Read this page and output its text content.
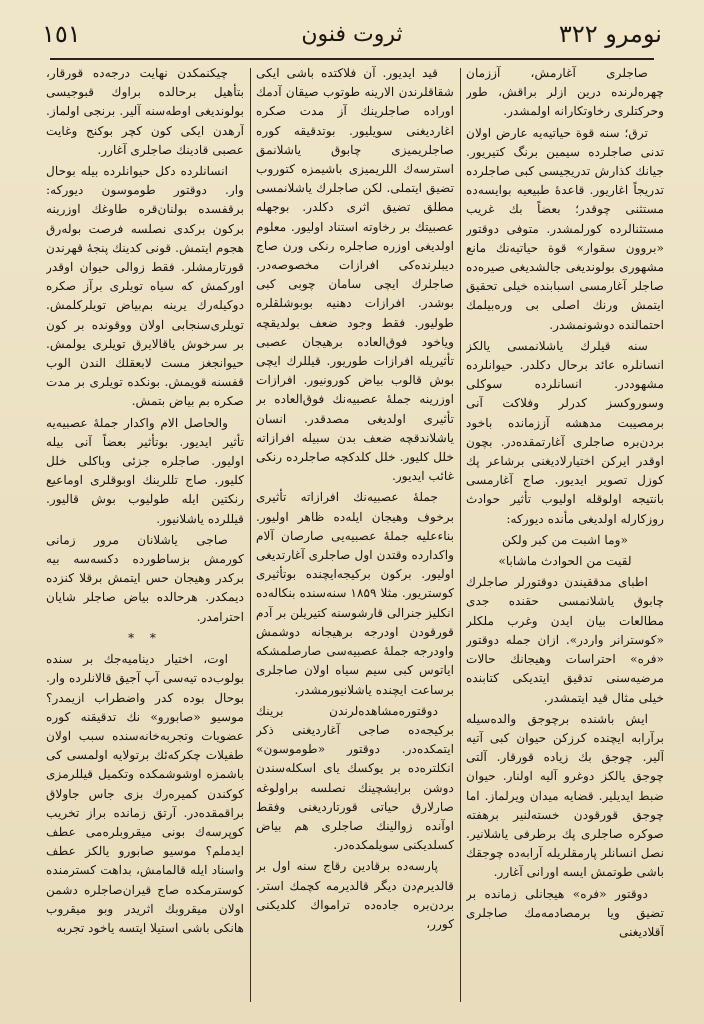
نومرو ٣٢٢
ثروت فنون
١٥١

صاجلری آغارمش، آززمان چهره‌لرنده درین ازلر براقش، طور وحرکتلری رخاوتکارانه اولمشدر.

ترق؛ سنه قوة حیاتیه‌یه عارض اولان تدنی صاجلرده سیمین برنگ کتیریور. جیانك کذارش تدریجیسی کبی صاجلرده تدریجاً اغاریور. قاعدهٔ طبیعیه بوایسه‌ده مستثنی چوقدر؛ بعضاً بك غریب مستثنالرده کورلمشدر. متوفی دوقتور «بروون سقوار» قوة حیاتیه‌نك مانع مشهوری بولوندیغی جالشدیغی صیره‌ده صاجلر آغارمسی اسبابنده خیلی تحقیق ایتمش ورنك اصلی بی وره‌بیلمك احتمالنده دوشونمشدر.

سنه قیلرك یاشلانمسی یالکز انسانلره عائد برحال دکلدر. حیوانلرده مشهوددر. انسانلرده سوکلی وسوروکسز کدرلر وفلاکت آنی برمصیبت مدهشه آززمانده باخود بردن‌بره صاجلری آغارتمقده‌در. بچون اوقدر ایرکن اختیارلادیغنی برشاعر پك کوزل تصویر ایدیور. صاج آغارمسی بانتیجه اولوقله اولیوب تأثیر حوادث روزکارله اولدیغی مأنده دیورکه:

«وما اشبت من کبر ولکن

لقیت من الحوادث ماشابا»

اطبای مدققیندن دوقتورلر صاجلرك چابوق یاشلانمسی حقنده جدی مطالعات بیان ایدن وغرب ملکلر «کوسترانر واردر». ازان جمله دوقتور «فره» احتراسات وهیجانك حالات مرضیه‌سنی تدقیق ایتدیکی کتابنده خیلی مثال قید ایتمشدر.

ایش باشنده برچوجق والده‌سیله برآرابه ایچنده کرزکن حیوان کبی آتیه آلیر. چوجق بك زیاده قورقار. آلتی چوجق یالکز دوغرو آلیه اولنار. حیوان ضبط ایدیلیر. قضایه میدان ویرلماز. اما چوجق قورقودن خسته‌لنیر برهفته صوکره صاجلری پك برطرفی یاشلانیر. نصل انسانلر پارمقلریله آرابه‌ده چوجقك باشی طوتمش ایسه اورانی آغارر.

دوقتور «فره» هیجانلی زمانده بر تضیق ویا برمصادمه‌مك صاجلری آقلادیغنی

چیکنمکدن نهایت درجه‌ده قورقار، بتأهیل برحالده براوك قبوجیسی بولوندیغی اوطه‌سنه آلیر. برنجی اولماز. آرهدن ایکی کون کچر بوکنج وغایت عصبی قادینك صاجلری آغارر.

انسانلرده دکل حیوانلرده بیله بوحال وار. دوقتور طوموسون دیورکه: برقفسده بولنان‌قره طاوغك اوزرینه برکون برکدی نصلسه فرصت بوله‌رق هجوم ایتمش. قونی کدینك پنجهٔ قهرندن قورتارمشلر. فقط زوالی حیوان اوقدر اورکمش که سیاه تویلری برآز صکره دوکیله‌رك یرینه بم‌بیاض تویلرکلمش. تویلری‌سنجابی اولان ووقونده بر کون بر سرخوش یاقالایرق تویلری یولمش. حیوانجغز مست لابعقلك الندن الوب قفسنه قویمش. بونکده تویلری بر مدت صکره بم بیاض بتمش.

والحاصل الام واکدار جملهٔ عصبیه‌یه تأثیر ایدیور. بوتأثیر بعضاً آنی بیله اولیور. صاجلره جزئی وباکلی خلل کلیور. صاج تللرینك اوبوقلری اوماعیع رنکتین ایله طولیوب بوش قالیور. قیللرده یاشلانیور.

صاجی یاشلانان مرور زمانی کورمش بزساطورده دکسه‌سه بیه برکدر وهیجان حس ایتمش برقلا کنزده دیمکدر. هرحالده بیاض صاجلر شایان احترامدر.

* *

اوت، اختیار دینامیه‌جك بر سنده بولوب‌ده تیه‌سی آپ آجیق قالانلرده وار. بوحال بوده کدر واضطراب ازیمدر؟ موسیو «صابورو» نك تدقیقنه کوره عضویات وتجربه‌خانه‌سنده سبب اولان طفیلات چکرکه‌ئك برتولایه اولمسی کی باشمزه اوشوشمکده وتکمیل قیللرمزی کوکندن کمیره‌رك بزی جاس جاولاق براقمقده‌در. آرتق زمانده براز تخریب کوپرسه‌ك بونی میقروبلره‌می عطف ایدملم؟ موسیو صابورو یالکز عطف واسناد ایله قالمامش، بداهت کسترمنده کوسترمکده صاج قیران‌صاجلره دشمن اولان میقروبك اثریدر وبو میقروب هانکی باشی استیلا ایتسه یاخود تجربه

قید ایدیور. آن فلاکتده باشی ایکی شقاقلرندن الارینه طوتوب صیقان آدمك اوراده صاجلرینك آز مدت صکره اغاردیغنی سویلیور. بوتدقیقه کوره صاجلریمیزی چابوق یاشلانمق استرسه‌ك اللریمیزی باشیمزه کتوروب تضیق ایتملی. لکن صاجلرك یاشلانمسی مطلق تضیق اثری دکلدر. بوجهله عصبیتك بر رخاوته استناد اولیور. معلوم اولدیغی اوزره صاجلره رنکی ورن صاج دیبلرنده‌کی افرازات مخصوصه‌در. صاجلرك ایچی سامان چوبی کبی بوشدر. افرازات دهنیه بوبوشلقلره طولیور. فقط وجود ضعف بولدیقچه ویاخود فوق‌العاده برهیجان عصبی تأثیریله افرازات طوریور. قیللرك ایچی بوش قالوب بیاض کورونیور. افرازات اوزرینه جملهٔ عصبیه‌نك فوق‌العاده بر تأثیری اولدیغی مصدقدر. انسان یاشلاندقچه ضعف بدن سبیله افرازاته خلل کلیور. خلل کلدکچه صاجلرده رنکی غائب ایدیور.

جملهٔ عصبیه‌نك افرازاته تأثیری برخوف وهیجان ایله‌ده ظاهر اولیور. بناءعلیه جملهٔ عصبیه‌یی صارصان آلام واکدارده وقتدن اول صاجلری آغارتدیغی اولیور. برکون برکیجه‌ایچنده بوتأثیری کوستریور. مثلا ۱۸۵۹ سنه‌سنده بنکاله‌ده انکلیز جنرالی قارشوسنه کتیریلن بر آدم قورقودن اودرجه برهیجانه دوشمش واودرجه جملهٔ عصبیه‌سی صارصلمشکه ایاتوس کبی سیم سیاه اولان صاجلری برساعت ایچنده یاشلانیورمشدر.

دوقتوره‌مشاهده‌لرندن برینك برکیجه‌ده صاجی آغاردیغنی ذکر ایتمکده‌در. دوقتور «طوموسون» انکلتره‌ده بر یوکسك یای اسکله‌سندن دوشن برایشچینك نصلسه براولوغه صارلارق حیاتی قورتاردیغنی وفقط اوآنده زوالینك صاجلری هم بیاض کسلدیکنی سویلمکده‌در.

پارسه‌ده برقادین رقاج سنه اول بر قالدیرم‌دن دیگر قالدیرمه کچمك استر. بردن‌بره جاده‌ده ترامواك کلدیکنی کورر،
